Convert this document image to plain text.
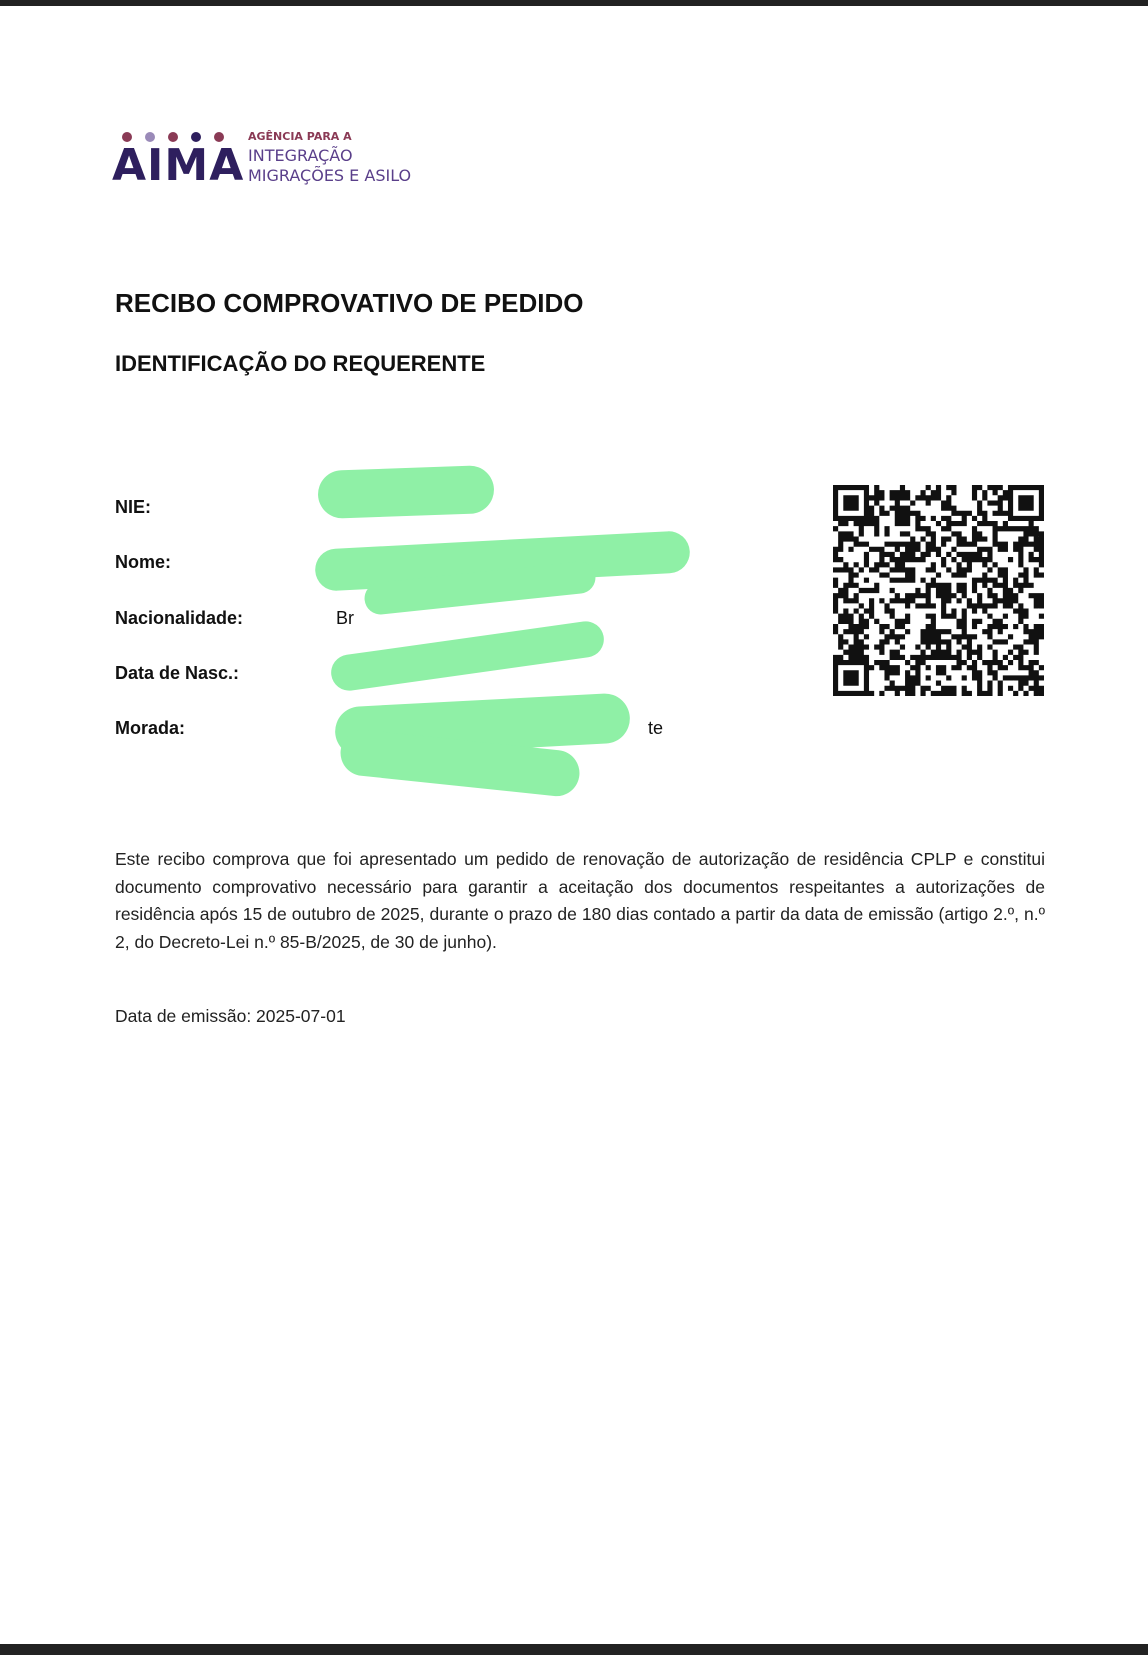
AIMA
AGÊNCIA PARA A
INTEGRAÇÃO
MIGRAÇÕES E ASILO
RECIBO COMPROVATIVO DE PEDIDO
IDENTIFICAÇÃO DO REQUERENTE
NIE:
Nome:
Nacionalidade:
Data de Nasc.:
Morada:
Br
te
Este recibo comprova que foi apresentado um pedido de renovação de autorização de residência CPLP e constitui documento comprovativo necessário para garantir a aceitação dos documentos respeitantes a autorizações de residência após 15 de outubro de 2025, durante o prazo de 180 dias contado a partir da data de emissão (artigo 2.º, n.º 2, do Decreto-Lei n.º 85-B/2025, de 30 de junho).
Data de emissão: 2025-07-01
